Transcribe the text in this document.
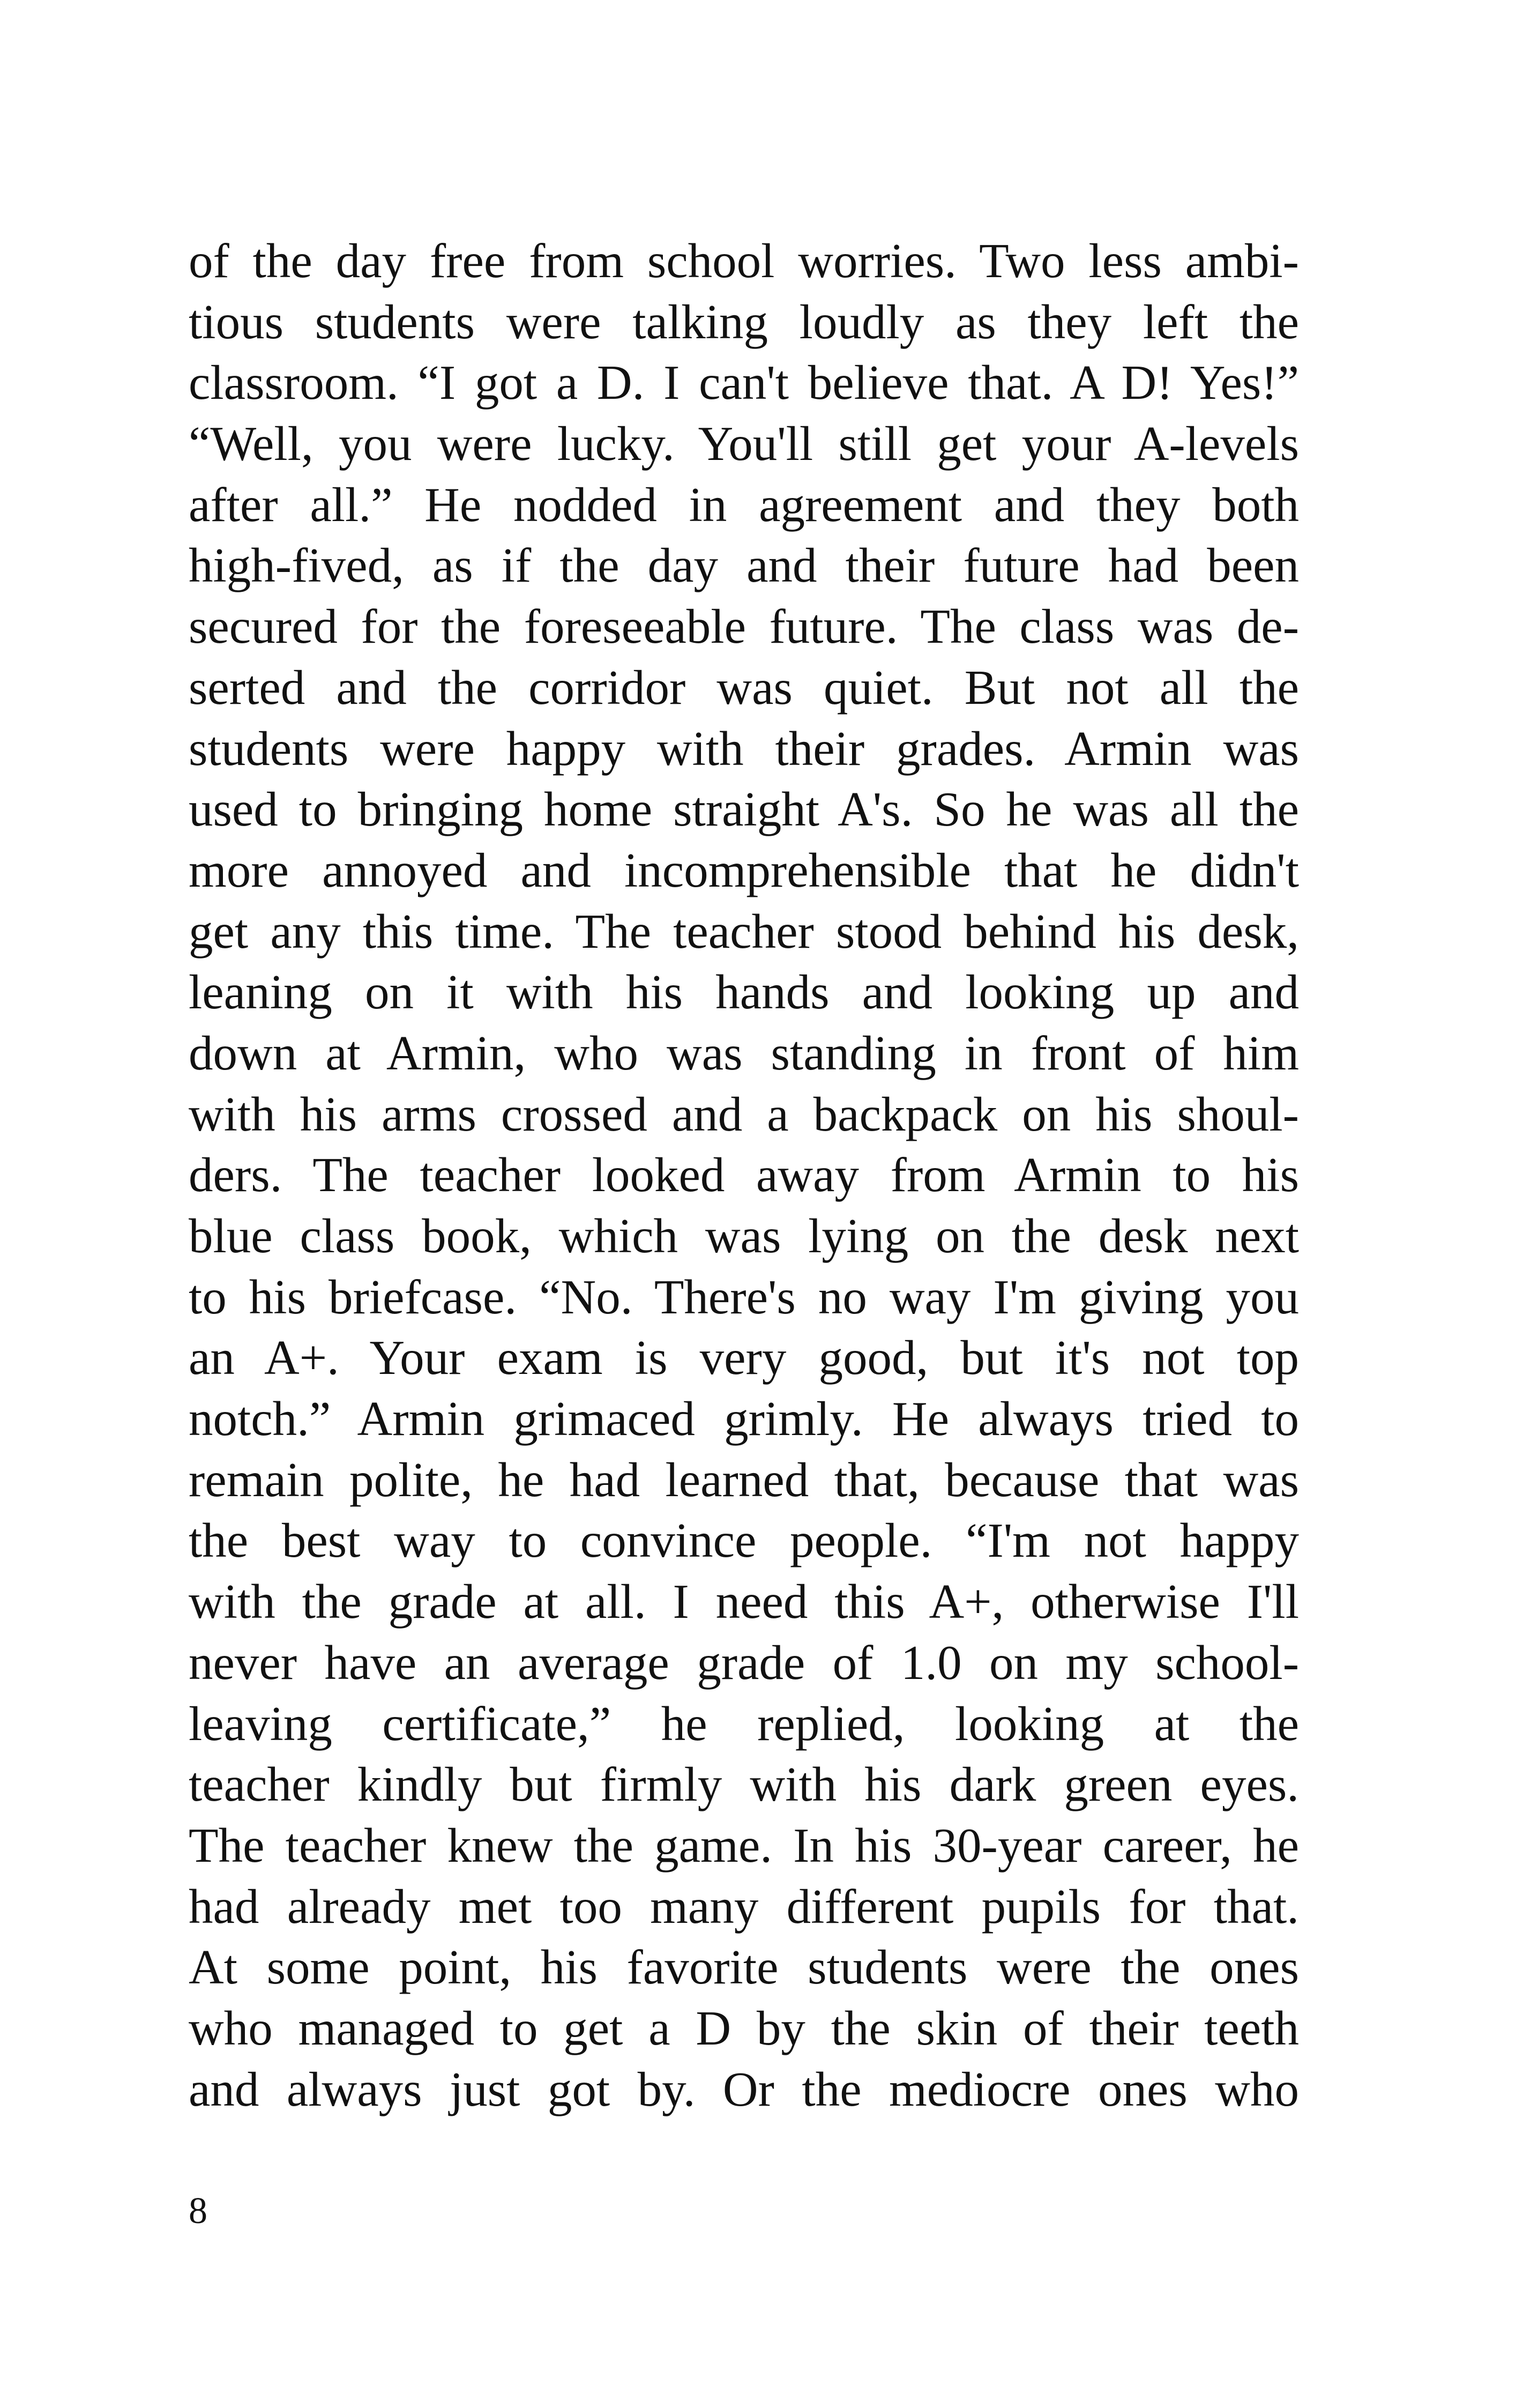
of the day free from school worries. Two less ambi-
tious students were talking loudly as they left the
classroom. “I got a D. I can't believe that. A D! Yes!”
“Well, you were lucky. You'll still get your A-levels
after all.” He nodded in agreement and they both
high-fived, as if the day and their future had been
secured for the foreseeable future. The class was de-
serted and the corridor was quiet. But not all the
students were happy with their grades. Armin was
used to bringing home straight A's. So he was all the
more annoyed and incomprehensible that he didn't
get any this time. The teacher stood behind his desk,
leaning on it with his hands and looking up and
down at Armin, who was standing in front of him
with his arms crossed and a backpack on his shoul-
ders. The teacher looked away from Armin to his
blue class book, which was lying on the desk next
to his briefcase. “No. There's no way I'm giving you
an A+. Your exam is very good, but it's not top
notch.” Armin grimaced grimly. He always tried to
remain polite, he had learned that, because that was
the best way to convince people. “I'm not happy
with the grade at all. I need this A+, otherwise I'll
never have an average grade of 1.0 on my school-
leaving certificate,” he replied, looking at the
teacher kindly but firmly with his dark green eyes.
The teacher knew the game. In his 30-year career, he
had already met too many different pupils for that.
At some point, his favorite students were the ones
who managed to get a D by the skin of their teeth
and always just got by. Or the mediocre ones who
8
